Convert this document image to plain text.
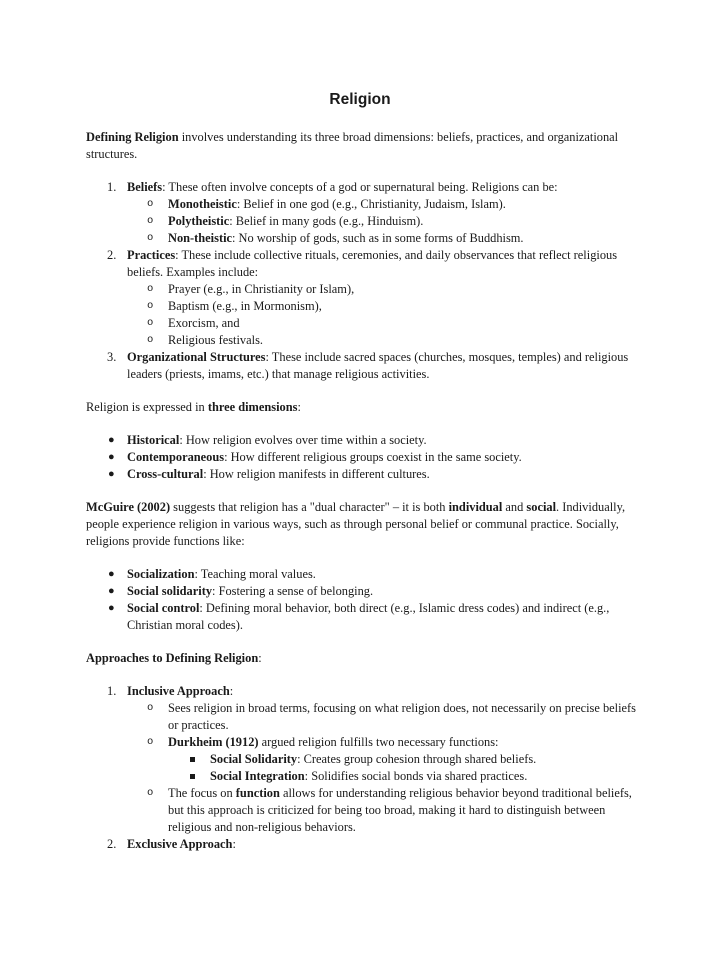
Religion

Defining Religion involves understanding its three broad dimensions: beliefs, practices, and organizational structures.

1. Beliefs: These often involve concepts of a god or supernatural being. Religions can be:
o Monotheistic: Belief in one god (e.g., Christianity, Judaism, Islam).
o Polytheistic: Belief in many gods (e.g., Hinduism).
o Non-theistic: No worship of gods, such as in some forms of Buddhism.
2. Practices: These include collective rituals, ceremonies, and daily observances that reflect religious beliefs. Examples include:
o Prayer (e.g., in Christianity or Islam),
o Baptism (e.g., in Mormonism),
o Exorcism, and
o Religious festivals.
3. Organizational Structures: These include sacred spaces (churches, mosques, temples) and religious leaders (priests, imams, etc.) that manage religious activities.

Religion is expressed in three dimensions:

● Historical: How religion evolves over time within a society.
● Contemporaneous: How different religious groups coexist in the same society.
● Cross-cultural: How religion manifests in different cultures.

McGuire (2002) suggests that religion has a "dual character" – it is both individual and social. Individually, people experience religion in various ways, such as through personal belief or communal practice. Socially, religions provide functions like:

● Socialization: Teaching moral values.
● Social solidarity: Fostering a sense of belonging.
● Social control: Defining moral behavior, both direct (e.g., Islamic dress codes) and indirect (e.g., Christian moral codes).

Approaches to Defining Religion:

1. Inclusive Approach:
o Sees religion in broad terms, focusing on what religion does, not necessarily on precise beliefs or practices.
o Durkheim (1912) argued religion fulfills two necessary functions:
Social Solidarity: Creates group cohesion through shared beliefs.
Social Integration: Solidifies social bonds via shared practices.
o The focus on function allows for understanding religious behavior beyond traditional beliefs, but this approach is criticized for being too broad, making it hard to distinguish between religious and non-religious behaviors.
2. Exclusive Approach:
